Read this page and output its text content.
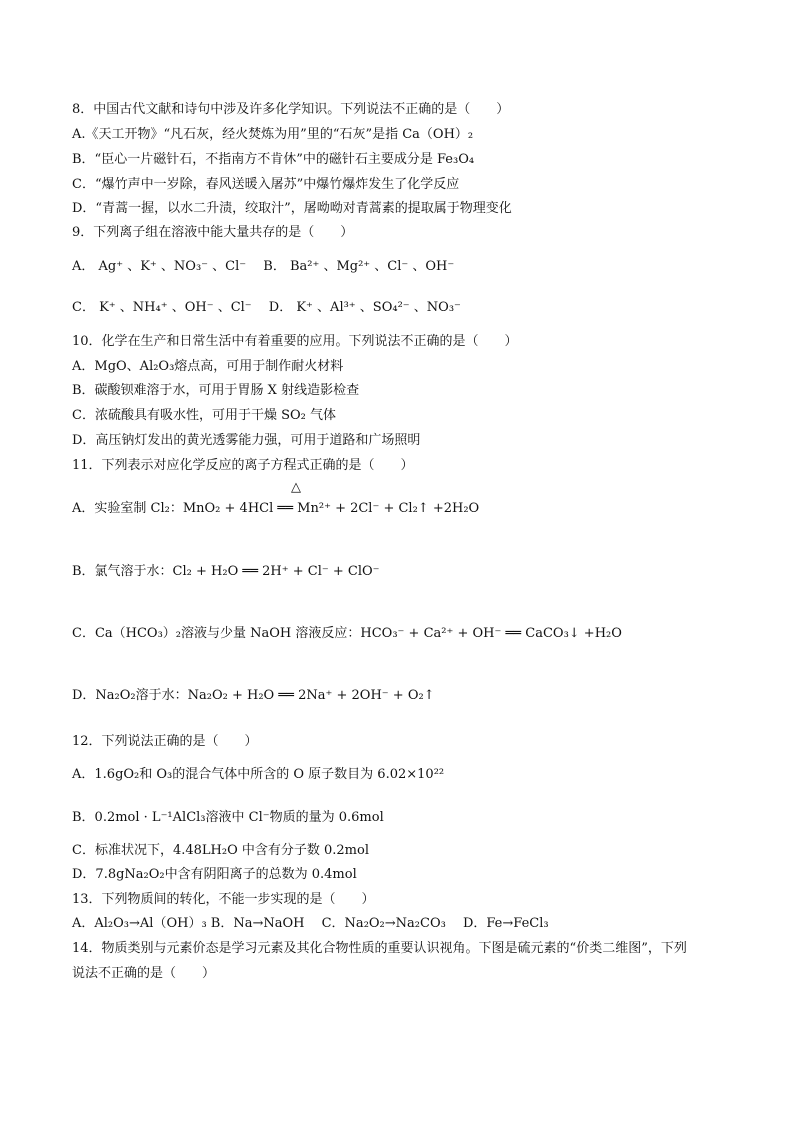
8．中国古代文献和诗句中涉及许多化学知识。下列说法不正确的是（　　）
A.《天工开物》“凡石灰，经火焚炼为用”里的“石灰”是指 Ca（OH）₂
B．“臣心一片磁针石，不指南方不肯休”中的磁针石主要成分是 Fe₃O₄
C．“爆竹声中一岁除，春风送暖入屠苏”中爆竹爆炸发生了化学反应
D．“青蒿一握，以水二升渍，绞取汁”，屠呦呦对青蒿素的提取属于物理变化
9．下列离子组在溶液中能大量共存的是（　　）
A． Ag⁺ 、K⁺ 、NO₃⁻ 、Cl⁻　 B． Ba²⁺ 、Mg²⁺ 、Cl⁻ 、OH⁻
C． K⁺ 、NH₄⁺ 、OH⁻ 、Cl⁻　 D． K⁺ 、Al³⁺ 、SO₄²⁻ 、NO₃⁻
10．化学在生产和日常生活中有着重要的应用。下列说法不正确的是（　　）
A．MgO、Al₂O₃熔点高，可用于制作耐火材料
B．碳酸钡难溶于水，可用于胃肠 X 射线造影检查
C．浓硫酸具有吸水性，可用于干燥 SO₂ 气体
D．高压钠灯发出的黄光透雾能力强，可用于道路和广场照明
11．下列表示对应化学反应的离子方程式正确的是（　　）
△
A．实验室制 Cl₂：MnO₂ + 4HCl ══ Mn²⁺ + 2Cl⁻ + Cl₂↑ +2H₂O
B．氯气溶于水：Cl₂ + H₂O ══ 2H⁺ + Cl⁻ + ClO⁻
C．Ca（HCO₃）₂溶液与少量 NaOH 溶液反应：HCO₃⁻ + Ca²⁺ + OH⁻ ══ CaCO₃↓ +H₂O
D．Na₂O₂溶于水：Na₂O₂ + H₂O ══ 2Na⁺ + 2OH⁻ + O₂↑
12．下列说法正确的是（　　）
A．1.6gO₂和 O₃的混合气体中所含的 O 原子数目为 6.02×10²²
B．0.2mol · L⁻¹AlCl₃溶液中 Cl⁻物质的量为 0.6mol
C．标准状况下，4.48LH₂O 中含有分子数 0.2mol
D．7.8gNa₂O₂中含有阴阳离子的总数为 0.4mol
13．下列物质间的转化，不能一步实现的是（　　）
A．Al₂O₃→Al（OH）₃ B．Na→NaOH　 C．Na₂O₂→Na₂CO₃　 D．Fe→FeCl₃
14．物质类别与元素价态是学习元素及其化合物性质的重要认识视角。下图是硫元素的“价类二维图”，下列
说法不正确的是（　　）
